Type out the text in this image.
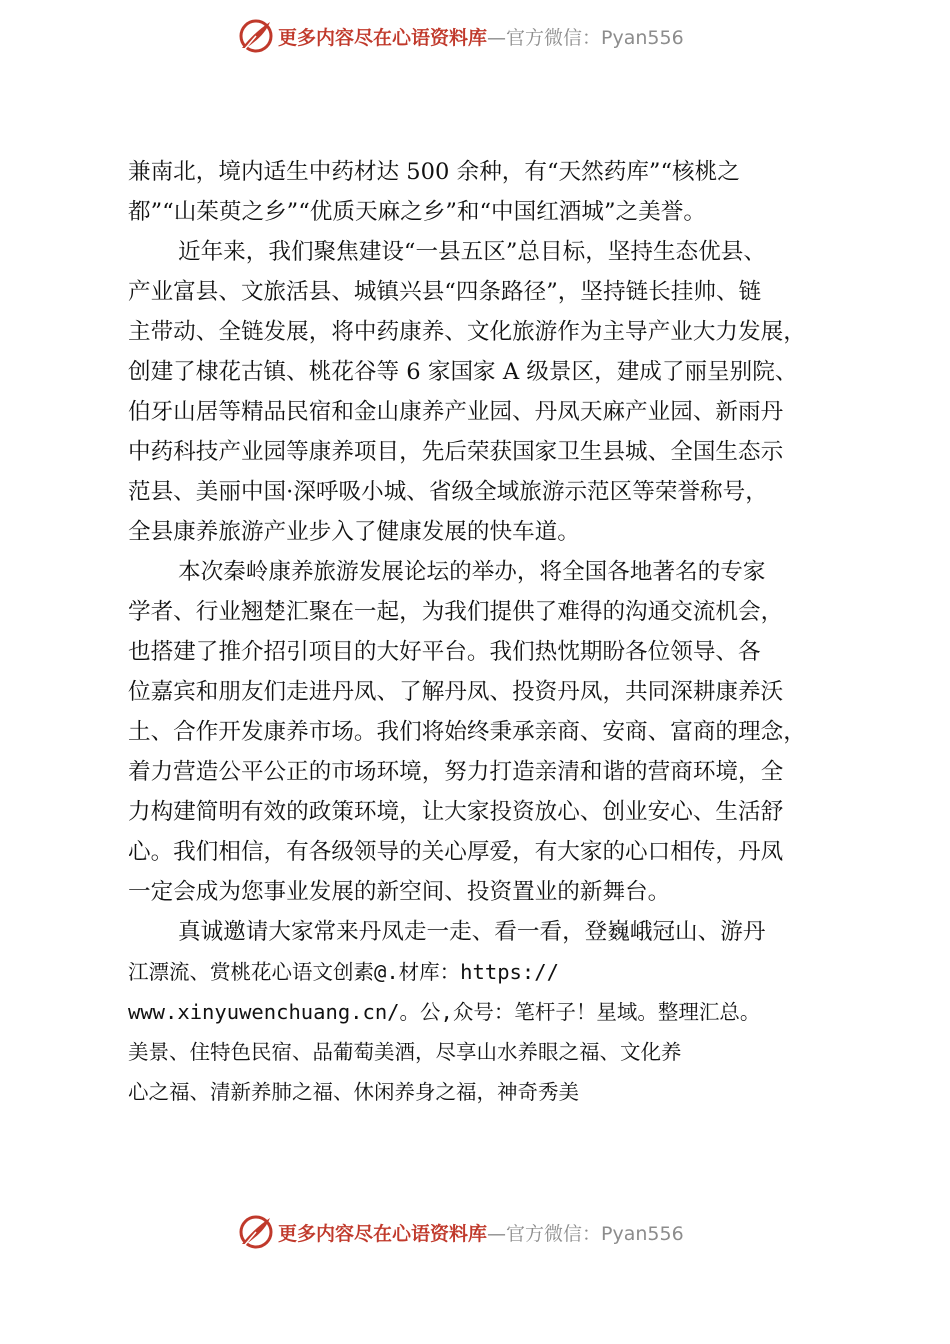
更多内容尽在心语资料库 —官方微信：Pyan556
兼南北，境内适生中药材达 500 余种，有“天然药库”“核桃之
都”“山茱萸之乡”“优质天麻之乡”和“中国红酒城”之美誉。
近年来，我们聚焦建设“一县五区”总目标，坚持生态优县、
产业富县、文旅活县、城镇兴县“四条路径”，坚持链长挂帅、链
主带动、全链发展，将中药康养、文化旅游作为主导产业大力发展，
创建了棣花古镇、桃花谷等 6 家国家 A 级景区，建成了丽呈别院、
伯牙山居等精品民宿和金山康养产业园、丹凤天麻产业园、新雨丹
中药科技产业园等康养项目，先后荣获国家卫生县城、全国生态示
范县、美丽中国·深呼吸小城、省级全域旅游示范区等荣誉称号，
全县康养旅游产业步入了健康发展的快车道。
本次秦岭康养旅游发展论坛的举办，将全国各地著名的专家
学者、行业翘楚汇聚在一起，为我们提供了难得的沟通交流机会，
也搭建了推介招引项目的大好平台。我们热忱期盼各位领导、各
位嘉宾和朋友们走进丹凤、了解丹凤、投资丹凤，共同深耕康养沃
土、合作开发康养市场。我们将始终秉承亲商、安商、富商的理念，
着力营造公平公正的市场环境，努力打造亲清和谐的营商环境，全
力构建简明有效的政策环境，让大家投资放心、创业安心、生活舒
心。我们相信，有各级领导的关心厚爱，有大家的心口相传，丹凤
一定会成为您事业发展的新空间、投资置业的新舞台。
真诚邀请大家常来丹凤走一走、看一看，登巍峨冠山、游丹
江漂流、赏桃花心语文创素@.材库：https://
www.xinyuwenchuang.cn/。公,众号：笔杆子！星域。整理汇总。
美景、住特色民宿、品葡萄美酒，尽享山水养眼之福、文化养
心之福、清新养肺之福、休闲养身之福，神奇秀美
更多内容尽在心语资料库 —官方微信：Pyan556
